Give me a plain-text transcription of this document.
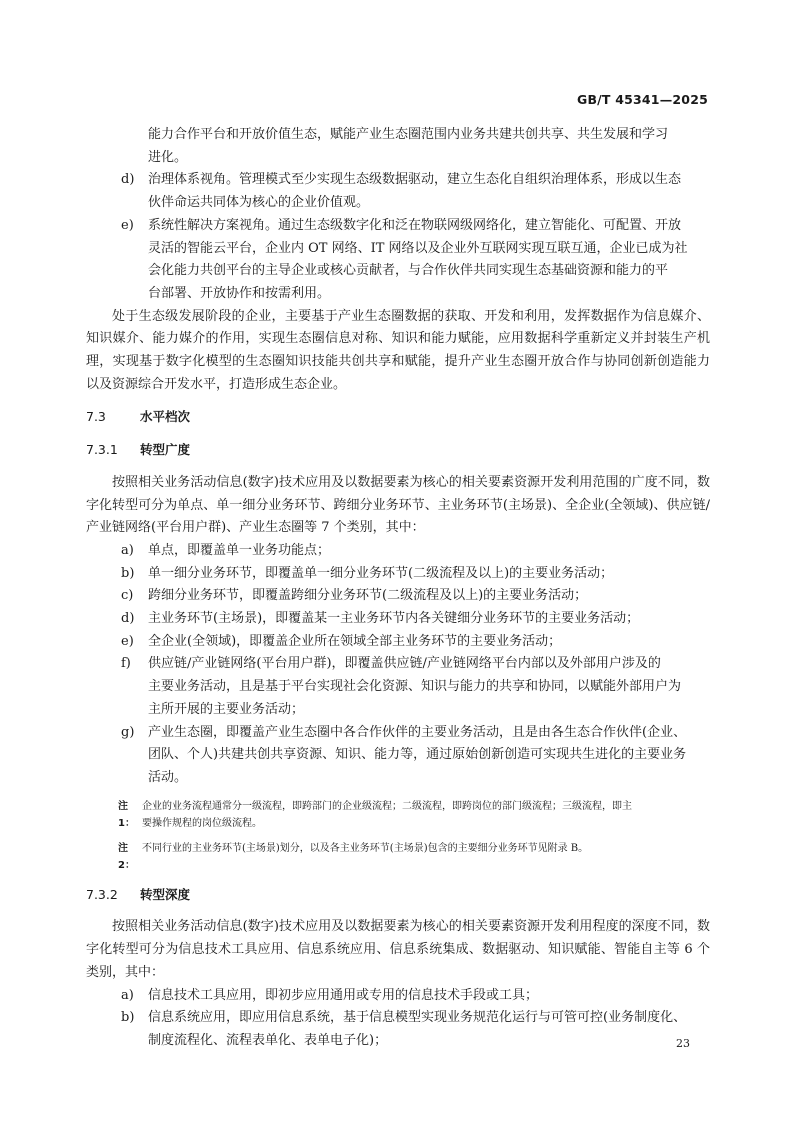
GB/T 45341—2025
能力合作平台和开放价值生态，赋能产业生态圈范围内业务共建共创共享、共生发展和学习
进化。
d)	治理体系视角。管理模式至少实现生态级数据驱动，建立生态化自组织治理体系，形成以生态
伙伴命运共同体为核心的企业价值观。
e)	系统性解决方案视角。通过生态级数字化和泛在物联网级网络化，建立智能化、可配置、开放
灵活的智能云平台，企业内 OT 网络、IT 网络以及企业外互联网实现互联互通，企业已成为社
会化能力共创平台的主导企业或核心贡献者，与合作伙伴共同实现生态基础资源和能力的平
台部署、开放协作和按需利用。
处于生态级发展阶段的企业，主要基于产业生态圈数据的获取、开发和利用，发挥数据作为信息媒介、知识媒介、能力媒介的作用，实现生态圈信息对称、知识和能力赋能，应用数据科学重新定义并封装生产机理，实现基于数字化模型的生态圈知识技能共创共享和赋能，提升产业生态圈开放合作与协同创新创造能力以及资源综合开发水平，打造形成生态企业。
7.3	水平档次
7.3.1	转型广度
按照相关业务活动信息(数字)技术应用及以数据要素为核心的相关要素资源开发利用范围的广度不同，数字化转型可分为单点、单一细分业务环节、跨细分业务环节、主业务环节(主场景)、全企业(全领域)、供应链/产业链网络(平台用户群)、产业生态圈等 7 个类别，其中：
a)	单点，即覆盖单一业务功能点；
b)	单一细分业务环节，即覆盖单一细分业务环节(二级流程及以上)的主要业务活动；
c)	跨细分业务环节，即覆盖跨细分业务环节(二级流程及以上)的主要业务活动；
d)	主业务环节(主场景)，即覆盖某一主业务环节内各关键细分业务环节的主要业务活动；
e)	全企业(全领域)，即覆盖企业所在领域全部主业务环节的主要业务活动；
f)	供应链/产业链网络(平台用户群)，即覆盖供应链/产业链网络平台内部以及外部用户涉及的
主要业务活动，且是基于平台实现社会化资源、知识与能力的共享和协同，以赋能外部用户为
主所开展的主要业务活动；
g)	产业生态圈，即覆盖产业生态圈中各合作伙伴的主要业务活动，且是由各生态合作伙伴(企业、
团队、个人)共建共创共享资源、知识、能力等，通过原始创新创造可实现共生进化的主要业务
活动。
注 1：
企业的业务流程通常分一级流程，即跨部门的企业级流程；二级流程，即跨岗位的部门级流程；三级流程，即主
要操作规程的岗位级流程。
注 2：
不同行业的主业务环节(主场景)划分，以及各主业务环节(主场景)包含的主要细分业务环节见附录 B。
7.3.2	转型深度
按照相关业务活动信息(数字)技术应用及以数据要素为核心的相关要素资源开发利用程度的深度不同，数字化转型可分为信息技术工具应用、信息系统应用、信息系统集成、数据驱动、知识赋能、智能自主等 6 个类别，其中：
a)	信息技术工具应用，即初步应用通用或专用的信息技术手段或工具；
b)	信息系统应用，即应用信息系统，基于信息模型实现业务规范化运行与可管可控(业务制度化、
制度流程化、流程表单化、表单电子化)；	23
